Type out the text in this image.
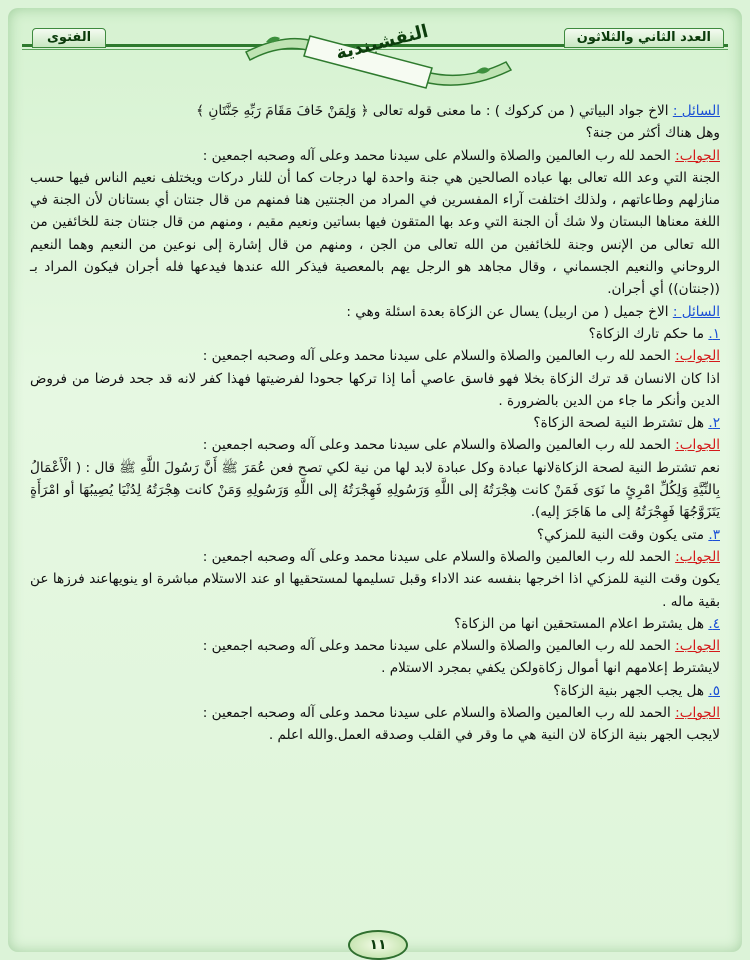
العدد الثاني والثلاثون
الفتوى	النقشبندية

السائل : الاخ جواد البياتي ( من كركوك ) : ما معنى قوله تعالى ﴿ وَلِمَنْ خَافَ مَقَامَ رَبِّهِ جَنَّتَانِ ﴾

وهل هناك أكثر من جنة؟

الجواب: الحمد لله رب العالمين والصلاة والسلام على سيدنا محمد وعلى آله وصحبه اجمعين :

الجنة التي وعد الله تعالى بها عباده الصالحين هي جنة واحدة لها درجات كما أن للنار دركات ويختلف نعيم الناس فيها حسب منازلهم وطاعاتهم ، ولذلك اختلفت آراء المفسرين في المراد من الجنتين هنا فمنهم من قال جنتان أي بستانان لأن الجنة في اللغة معناها البستان ولا شك أن الجنة التي وعد بها المتقون فيها بساتين ونعيم مقيم ، ومنهم من قال جنتان جنة للخائفين من الله تعالى من الإنس وجنة للخائفين من الله تعالى من الجن ، ومنهم من قال إشارة إلى نوعين من النعيم وهما النعيم الروحاني والنعيم الجسماني ، وقال مجاهد هو الرجل يهم بالمعصية فيذكر الله عندها فيدعها فله أجران فيكون المراد بـ ((جنتان)) أي أجران.

السائل : الاخ جميل ( من اربيل) يسال عن الزكاة بعدة اسئلة وهي :

١. ما حكم تارك الزكاة؟

الجواب: الحمد لله رب العالمين والصلاة والسلام على سيدنا محمد وعلى آله وصحبه اجمعين :

اذا كان الانسان قد ترك الزكاة بخلا فهو فاسق عاصي أما إذا تركها جحودا لفرضيتها فهذا كفر لانه قد جحد فرضا من فروض الدين وأنكر ما جاء من الدين بالضرورة .

٢. هل تشترط النية لصحة الزكاة؟

الجواب: الحمد لله رب العالمين والصلاة والسلام على سيدنا محمد وعلى آله وصحبه اجمعين :

نعم تشترط النية لصحة الزكاةلانها عبادة وكل عبادة لابد لها من نية لكي تصح فعن عُمَرَ ﷺ أَنَّ رَسُولَ اللَّهِ ﷺ قال : ( الْأَعْمَالُ بِالنِّيَّةِ وَلِكُلِّ امْرِئٍ ما نَوَى فَمَنْ كانت هِجْرَتُهُ إلى اللَّهِ وَرَسُولِهِ فَهِجْرَتُهُ إلى اللَّهِ وَرَسُولِهِ وَمَنْ كانت هِجْرَتُهُ لِدُنْيَا يُصِيبُهَا أو امْرَأَةٍ يَتَزَوَّجُهَا فَهِجْرَتُهُ إلى ما هَاجَرَ إليه).

٣. متى يكون وقت النية للمزكي؟

الجواب: الحمد لله رب العالمين والصلاة والسلام على سيدنا محمد وعلى آله وصحبه اجمعين :

يكون وقت النية للمزكي اذا اخرجها بنفسه عند الاداء وقبل تسليمها لمستحقيها او عند الاستلام مباشرة او ينويهاعند فرزها عن بقية ماله .

٤. هل يشترط اعلام المستحقين انها من الزكاة؟

الجواب: الحمد لله رب العالمين والصلاة والسلام على سيدنا محمد وعلى آله وصحبه اجمعين :

لايشترط إعلامهم انها أموال زكاةولكن يكفي بمجرد الاستلام .

٥. هل يجب الجهر بنية الزكاة؟

الجواب: الحمد لله رب العالمين والصلاة والسلام على سيدنا محمد وعلى آله وصحبه اجمعين :

لايجب الجهر بنية الزكاة لان النية هي ما وقر في القلب وصدقه العمل.والله اعلم .

١١
